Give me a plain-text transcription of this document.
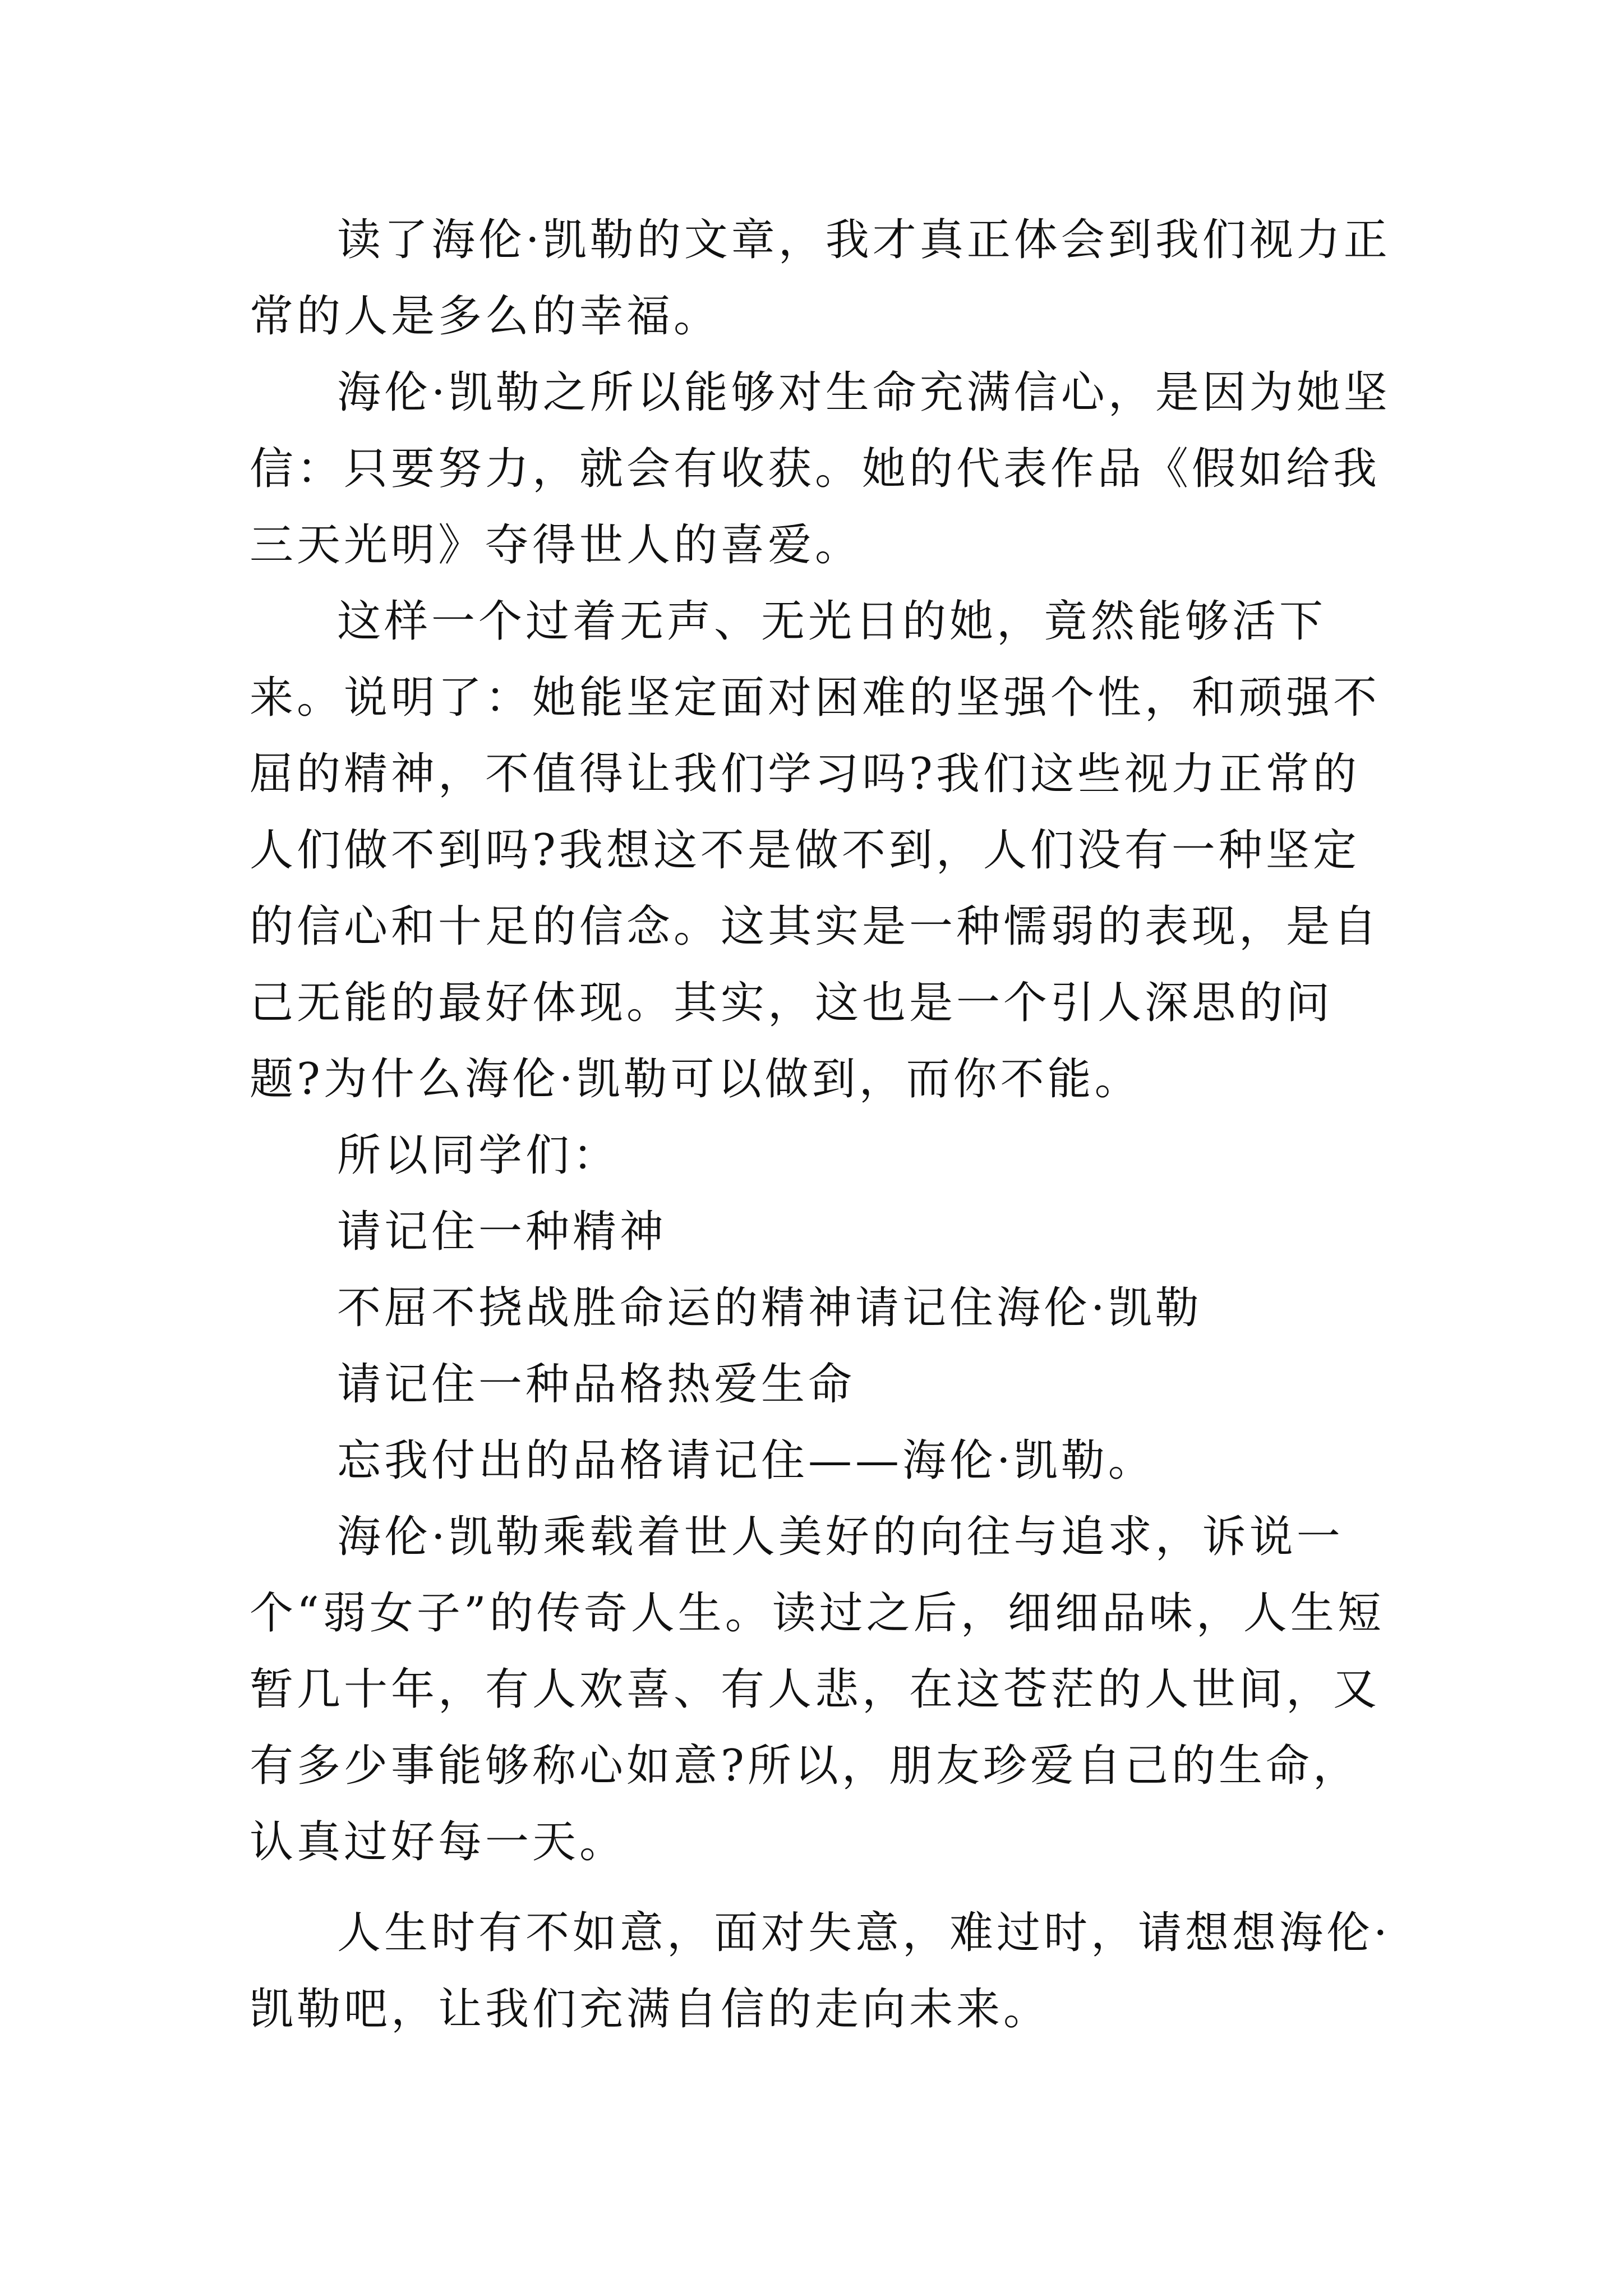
读了海伦·凯勒的文章，我才真正体会到我们视力正常的人是多么的幸福。

海伦·凯勒之所以能够对生命充满信心，是因为她坚信：只要努力，就会有收获。她的代表作品《假如给我三天光明》夺得世人的喜爱。

这样一个过着无声、无光日的她，竟然能够活下来。说明了：她能坚定面对困难的坚强个性，和顽强不屈的精神，不值得让我们学习吗?我们这些视力正常的人们做不到吗?我想这不是做不到，人们没有一种坚定的信心和十足的信念。这其实是一种懦弱的表现，是自己无能的最好体现。其实，这也是一个引人深思的问题?为什么海伦·凯勒可以做到，而你不能。

所以同学们：

请记住一种精神

不屈不挠战胜命运的精神请记住海伦·凯勒

请记住一种品格热爱生命

忘我付出的品格请记住——海伦·凯勒。

海伦·凯勒乘载着世人美好的向往与追求，诉说一个“弱女子”的传奇人生。读过之后，细细品味，人生短暂几十年，有人欢喜、有人悲，在这苍茫的人世间，又有多少事能够称心如意?所以，朋友珍爱自己的生命，认真过好每一天。

人生时有不如意，面对失意，难过时，请想想海伦·凯勒吧，让我们充满自信的走向未来。
